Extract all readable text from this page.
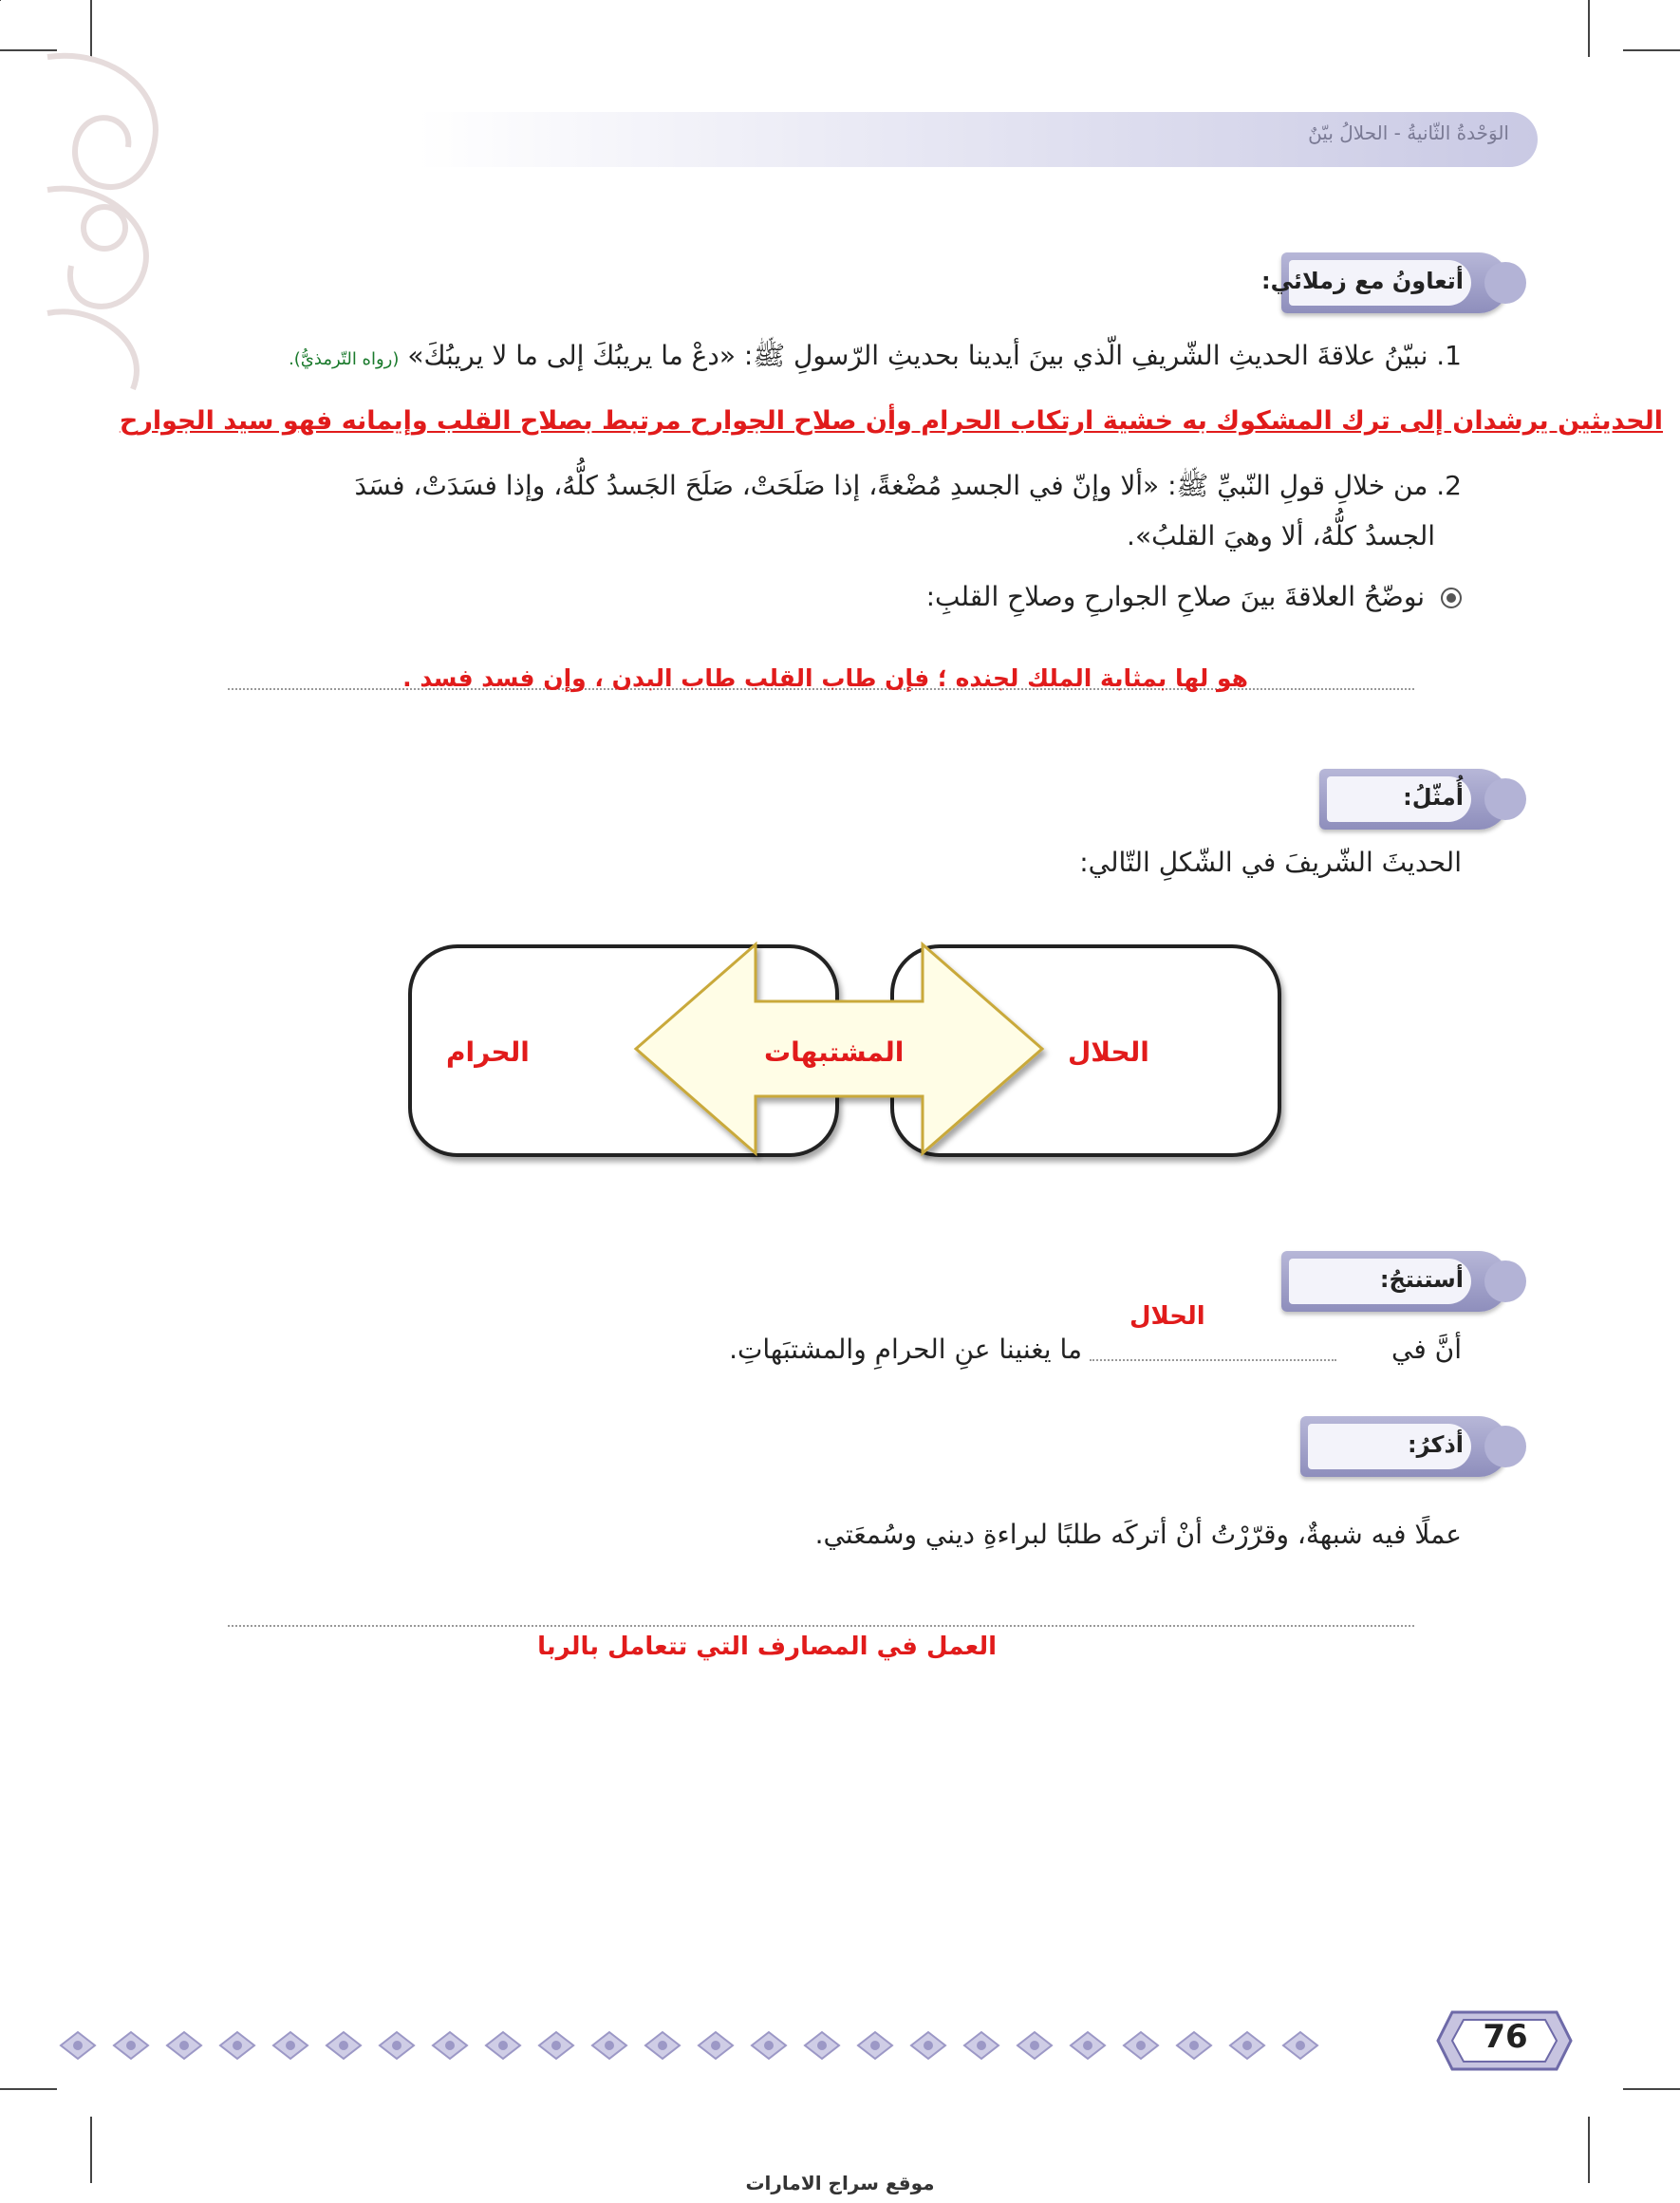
الوَحْدةُ الثّانيةُ - الحلالُ بيّنٌ
أتعاونُ مع زملائي:
1. نبيّنُ علاقةَ الحديثِ الشّريفِ الّذي بينَ أيدينا بحديثِ الرّسولِ ﷺ: «دعْ ما يريبُكَ إلى ما لا يريبُكَ» (رواه التّرمذيُّ).
الحديثين يرشدان إلى ترك المشكوك به خشية ارتكاب الحرام وأن صلاح الجوارح مرتبط بصلاح القلب وإيمانه فهو سيد الجوارح
2. من خلالِ قولِ النّبيِّ ﷺ: «ألا وإنّ في الجسدِ مُضْغةً، إذا صَلَحَتْ، صَلَحَ الجَسدُ كلُّهُ، وإذا فسَدَتْ، فسَدَ
الجسدُ كلُّهُ، ألا وهيَ القلبُ».
نوضّحُ العلاقةَ بينَ صلاحِ الجوارحِ وصلاحِ القلبِ:
هو لها بمثابة الملك لجنده ؛ فإن طاب القلب طاب البدن ، وإن فسد فسد .
أُمثّلُ:
الحديثَ الشّريفَ في الشّكلِ التّالي:
الحلال
المشتبهات
الحرام
أستنتجُ:
الحلال
أنَّ في
ما يغنينا عنِ الحرامِ والمشتبَهاتِ.
أذكرُ:
عملًا فيه شبهةٌ، وقرّرْتُ أنْ أتركَه طلبًا لبراءةِ ديني وسُمعَتي.
العمل في المصارف التي تتعامل بالربا
76
موقع سراج الامارات
